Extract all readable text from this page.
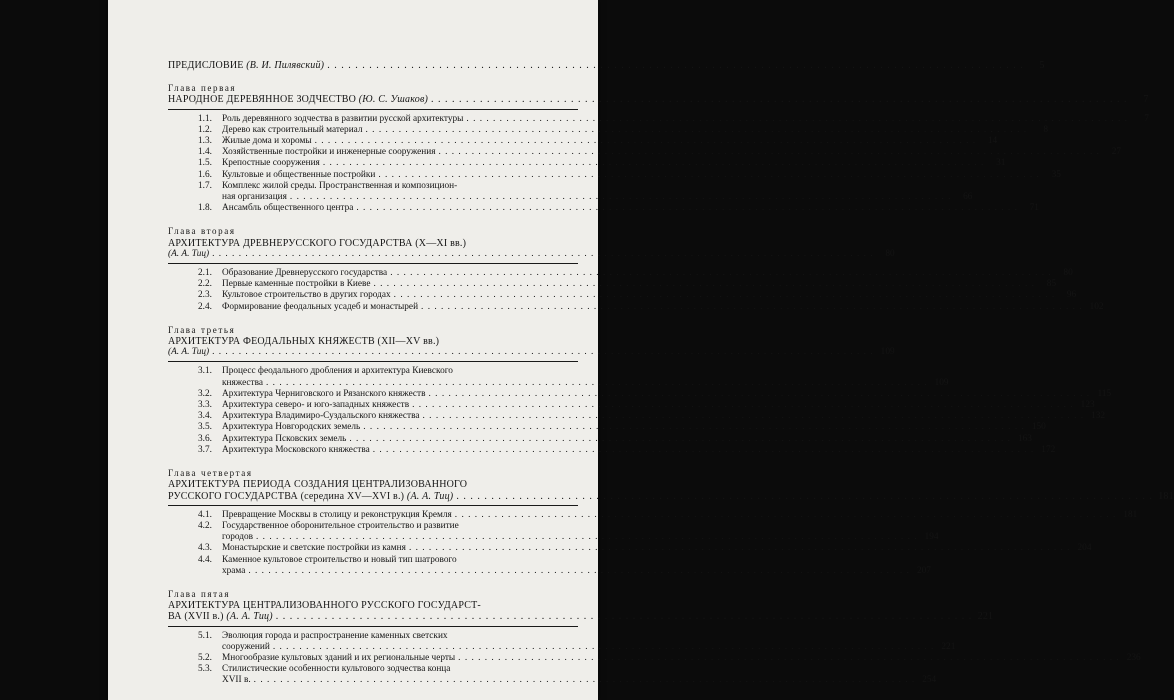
ПРЕДИСЛОВИЕ (В. И. Пилявский) . . .	5
Глава первая
НАРОДНОЕ ДЕРЕВЯННОЕ ЗОДЧЕСТВО (Ю. С. Ушаков) . . .	7
1.1.	Роль деревянного зодчества в развитии русской архитектуры . . .	7
1.2.	Дерево как строительный материал . . .	8
1.3.	Жилые дома и хоромы . . .	14
1.4.	Хозяйственные постройки и инженерные сооружения . . .	27
1.5.	Крепостные сооружения . . .	31
1.6.	Культовые и общественные постройки . . .	35
1.7.	Комплекс жилой среды. Пространственная и композицион-
ная организация . . .	66
1.8.	Ансамбль общественного центра . . .	71
Глава вторая
АРХИТЕКТУРА ДРЕВНЕРУССКОГО ГОСУДАРСТВА (X—XI вв.)
(А. А. Тиц) . . .	80
2.1.	Образование Древнерусского государства . . .	80
2.2.	Первые каменные постройки в Киеве . . .	85
2.3.	Культовое строительство в других городах . . .	96
2.4.	Формирование феодальных усадеб и монастырей . . .	102
Глава третья
АРХИТЕКТУРА ФЕОДАЛЬНЫХ КНЯЖЕСТВ (XII—XV вв.)
(А. А. Тиц) . . .	109
3.1.	Процесс феодального дробления и архитектура Киевского
княжества . . .	109
3.2.	Архитектура Черниговского и Рязанского княжеств . . .	115
3.3.	Архитектура северо- и юго-западных княжеств . . .	123
3.4.	Архитектура Владимиро-Суздальского княжества . . .	132
3.5.	Архитектура Новгородских земель . . .	150
3.6.	Архитектура Псковских земель . . .	163
3.7.	Архитектура Московского княжества . . .	172
Глава четвертая
АРХИТЕКТУРА ПЕРИОДА СОЗДАНИЯ ЦЕНТРАЛИЗОВАННОГО
РУССКОГО ГОСУДАРСТВА (середина XV—XVI в.) (А. А. Тиц) . . .	181
4.1.	Превращение Москвы в столицу и реконструкция Кремля . . .	181
4.2.	Государственное оборонительное строительство и развитие
городов . . .	194
4.3.	Монастырские и светские постройки из камня . . .	204
4.4.	Каменное культовое строительство и новый тип шатрового
храма . . .	207
Глава пятая
АРХИТЕКТУРА ЦЕНТРАЛИЗОВАННОГО РУССКОГО ГОСУДАРСТ-
ВА (XVII в.) (А. А. Тиц) . . .	221
5.1.	Эволюция города и распространение каменных светских
сооружений . . .	221
5.2.	Многообразие культовых зданий и их региональные черты . . .	236
5.3.	Стилистические особенности культового зодчества конца
XVII в. . . .	254
